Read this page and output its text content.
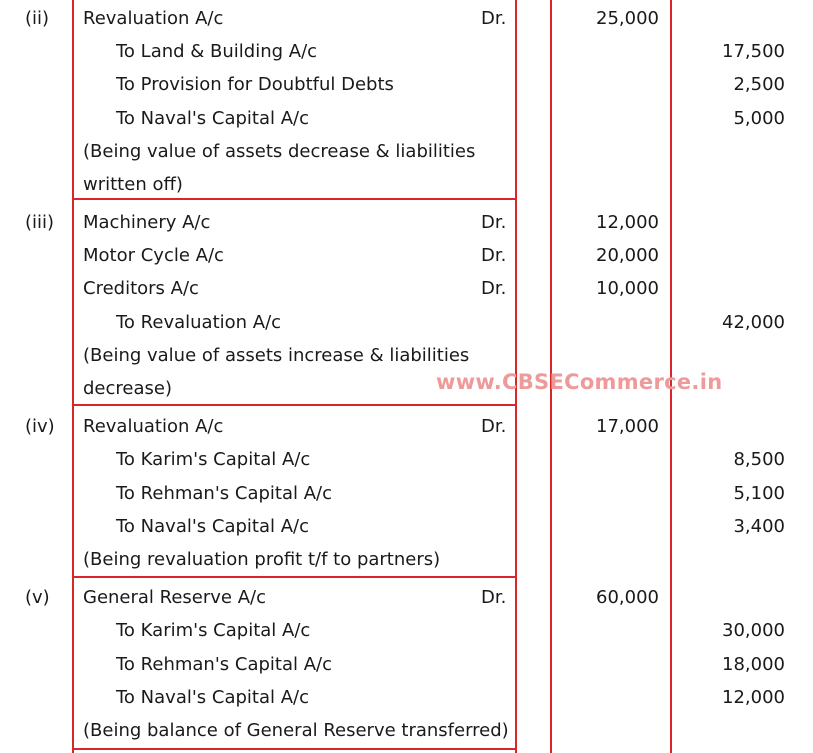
www.CBSECommerce.in
(ii) Revaluation A/c	Dr.	25,000
To Land & Building A/c	17,500
To Provision for Doubtful Debts	2,500
To Naval's Capital A/c	5,000
(Being value of assets decrease & liabilities
written off)
(iii) Machinery A/c	Dr.	12,000
Motor Cycle A/c	Dr.	20,000
Creditors A/c	Dr.	10,000
To Revaluation A/c	42,000
(Being value of assets increase & liabilities
decrease)
(iv) Revaluation A/c	Dr.	17,000
To Karim's Capital A/c	8,500
To Rehman's Capital A/c	5,100
To Naval's Capital A/c	3,400
(Being revaluation profit t/f to partners)
(v) General Reserve A/c	Dr.	60,000
To Karim's Capital A/c	30,000
To Rehman's Capital A/c	18,000
To Naval's Capital A/c	12,000
(Being balance of General Reserve transferred)
